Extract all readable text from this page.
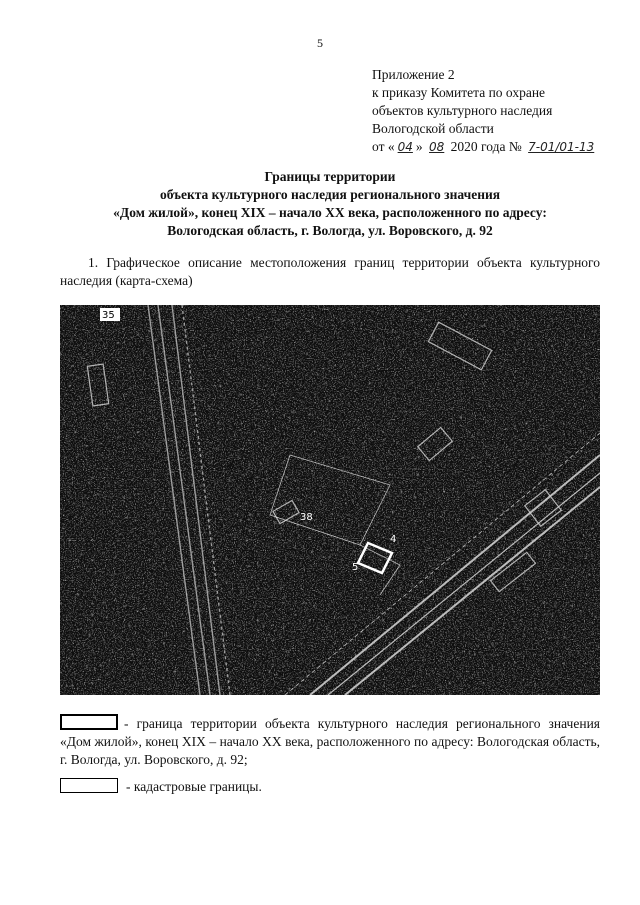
5
Приложение 2
к приказу Комитета по охране
объектов культурного наследия
Вологодской области
от « 04 » 08 2020 года № 7-01/01-13
Границы территории
объекта культурного наследия регионального значения
«Дом жилой», конец XIX – начало XX века, расположенного по адресу:
Вологодская область, г. Вологда, ул. Воровского, д. 92
1. Графическое описание местоположения границ территории объекта культурного наследия (карта-схема)
35
38
5
4
- граница территории объекта культурного наследия регионального значения «Дом жилой», конец XIX – начало XX века, расположенного по адресу: Вологодская область, г. Вологда, ул. Воровского, д. 92;
- кадастровые границы.
